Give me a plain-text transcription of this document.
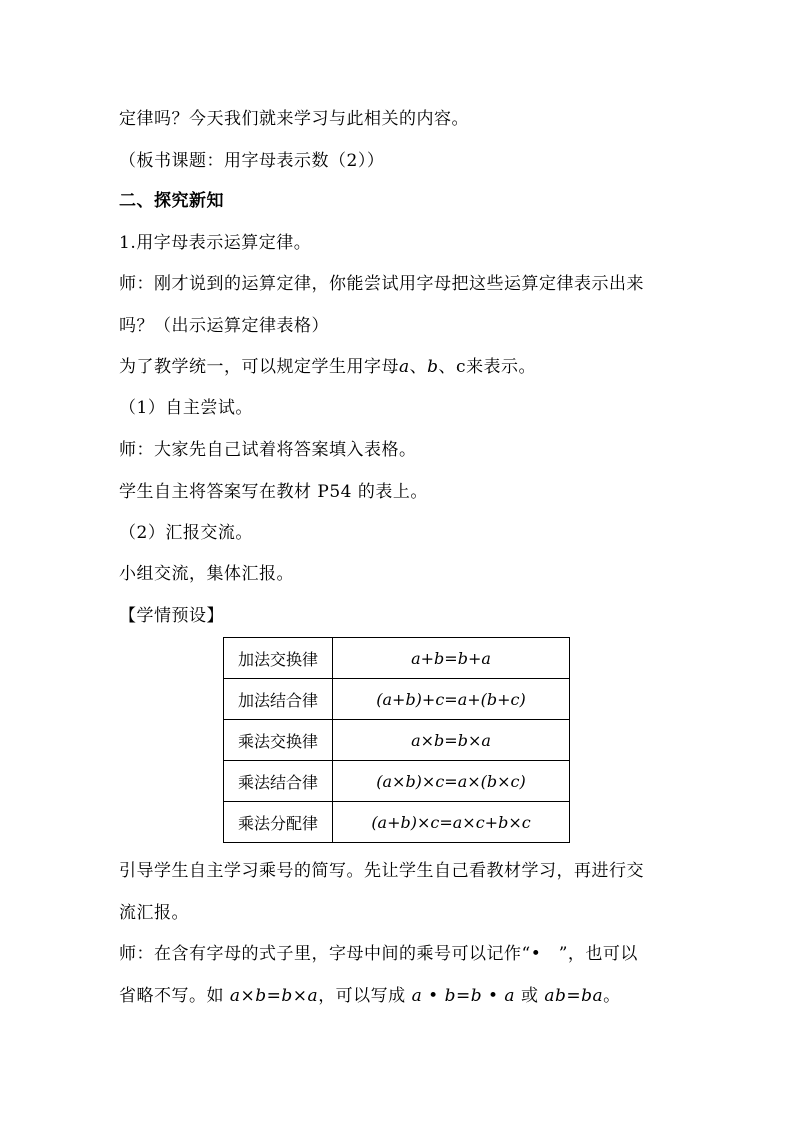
定律吗？今天我们就来学习与此相关的内容。
（板书课题：用字母表示数（2））
二、探究新知
1.用字母表示运算定律。
师：刚才说到的运算定律，你能尝试用字母把这些运算定律表示出来
吗？（出示运算定律表格）
为了教学统一，可以规定学生用字母a、b、c来表示。
（1）自主尝试。
师：大家先自己试着将答案填入表格。
学生自主将答案写在教材 P54 的表上。
（2）汇报交流。
小组交流，集体汇报。
【学情预设】
加法交换律	a+b=b+a
加法结合律	(a+b)+c=a+(b+c)
乘法交换律	a×b=b×a
乘法结合律	(a×b)×c=a×(b×c)
乘法分配律	(a+b)×c=a×c+b×c
引导学生自主学习乘号的简写。先让学生自己看教材学习，再进行交
流汇报。
师：在含有字母的式子里，字母中间的乘号可以记作“•　”，也可以
省略不写。如 a×b=b×a，可以写成 a • b=b • a 或 ab=ba。
